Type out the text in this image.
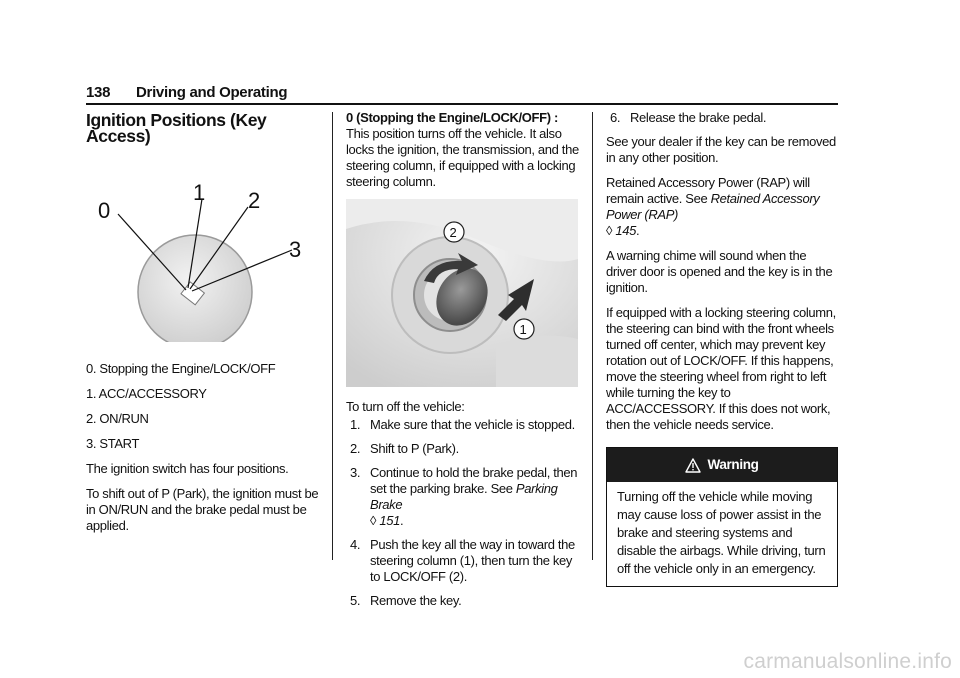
138 Driving and Operating
Ignition Positions (Key Access)
0
1 2
3

0. Stopping the Engine/LOCK/OFF

1. ACC/ACCESSORY

2. ON/RUN

3. START

The ignition switch has four positions.

To shift out of P (Park), the ignition must be in ON/RUN and the brake pedal must be applied.

0 (Stopping the Engine/LOCK/OFF) : This position turns off the vehicle. It also locks the ignition, the transmission, and the steering column, if equipped with a locking steering column.

2
1

To turn off the vehicle:

1. Make sure that the vehicle is stopped.
2. Shift to P (Park).
3. Continue to hold the brake pedal, then set the parking brake. See Parking Brake
◊ 151.
4. Push the key all the way in toward the steering column (1), then turn the key to LOCK/OFF (2).
5. Remove the key.
6. Release the brake pedal.

See your dealer if the key can be removed in any other position.

Retained Accessory Power (RAP) will remain active. See Retained Accessory Power (RAP)
◊ 145.

A warning chime will sound when the driver door is opened and the key is in the ignition.

If equipped with a locking steering column, the steering can bind with the front wheels turned off center, which may prevent key rotation out of LOCK/OFF. If this happens, move the steering wheel from right to left while turning the key to ACC/ACCESSORY. If this does not work, then the vehicle needs service.

Warning

Turning off the vehicle while moving may cause loss of power assist in the brake and steering systems and disable the airbags. While driving, turn off the vehicle only in an emergency.

carmanualsonline.info
